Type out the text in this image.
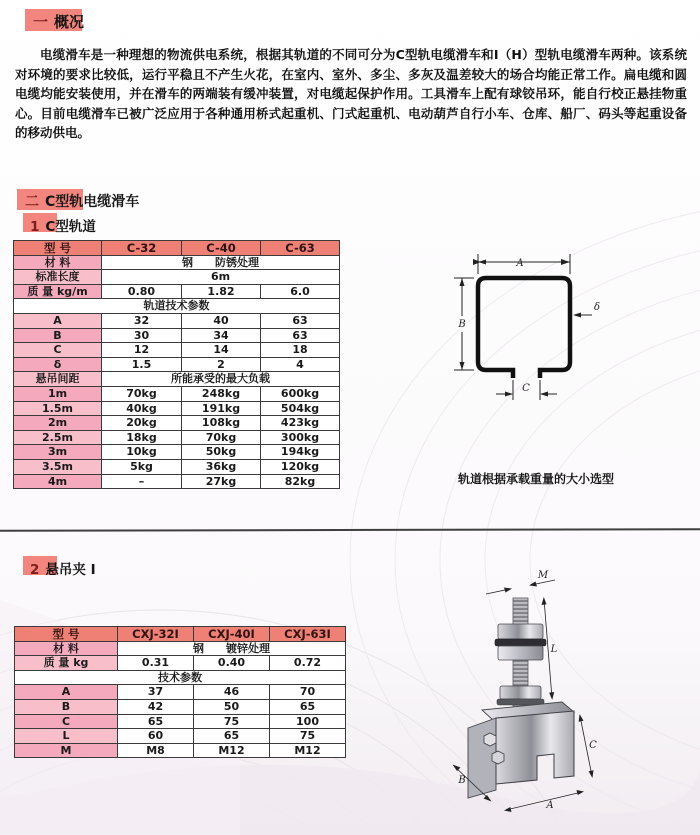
一 概况
电缆滑车是一种理想的物流供电系统，根据其轨道的不同可分为C型轨电缆滑车和I（H）型轨电缆滑车两种。该系统对环境的要求比较低，运行平稳且不产生火花，在室内、室外、多尘、多灰及温差较大的场合均能正常工作。扁电缆和圆电缆均能安装使用，并在滑车的两端装有缓冲装置，对电缆起保护作用。工具滑车上配有球铰吊环，能自行校正悬挂物重心。目前电缆滑车已被广泛应用于各种通用桥式起重机、门式起重机、电动葫芦自行小车、仓库、船厂、码头等起重设备的移动供电。
二 C型轨电缆滑车
1 C型轨道
型 号	C-32	C-40	C-63
材 料	钢　　防锈处理		
标准长度	6m		
质 量 kg/m	0.80	1.82	6.0
轨道技术参数			
A	32	40	63
B	30	34	63
C	12	14	18
δ	1.5	2	4
悬吊间距	所能承受的最大负载		
1m	70kg	248kg	600kg
1.5m	40kg	191kg	504kg
2m	20kg	108kg	423kg
2.5m	18kg	70kg	300kg
3m	10kg	50kg	194kg
3.5m	5kg	36kg	120kg
4m	–	27kg	82kg
A
B
δ
C
轨道根据承载重量的大小选型
2 悬吊夹 I
型 号	CXJ-32I	CXJ-40I	CXJ-63I
材 料	钢　　镀锌处理		
质 量 kg	0.31	0.40	0.72
技术参数			
A	37	46	70
B	42	50	65
C	65	75	100
L	60	65	75
M	M8	M12	M12
M
L
C
B
A
